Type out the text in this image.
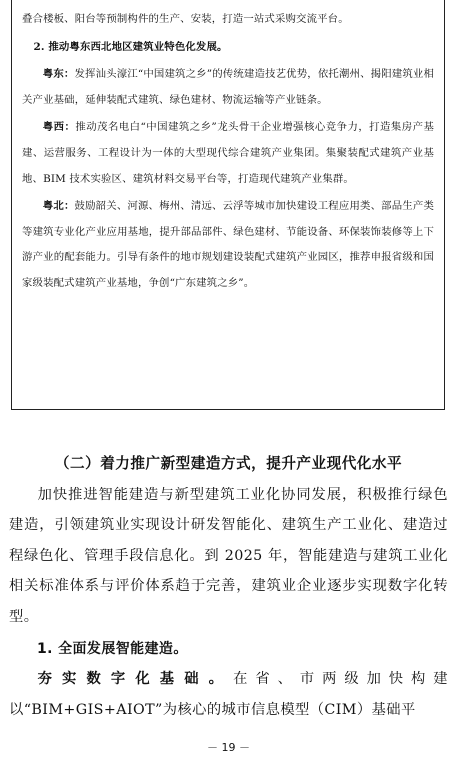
叠合楼板、阳台等预制构件的生产、安装，打造一站式采购交流平台。

2. 推动粤东西北地区建筑业特色化发展。

粤东：发挥汕头濠江“中国建筑之乡”的传统建造技艺优势，依托潮州、揭阳建筑业相关产业基础，延伸装配式建筑、绿色建材、物流运输等产业链条。

粤西：推动茂名电白“中国建筑之乡”龙头骨干企业增强核心竞争力，打造集房产基建、运营服务、工程设计为一体的大型现代综合建筑产业集团。集聚装配式建筑产业基地、BIM 技术实验区、建筑材料交易平台等，打造现代建筑产业集群。

粤北：鼓励韶关、河源、梅州、清远、云浮等城市加快建设工程应用类、部品生产类等建筑专业化产业应用基地，提升部品部件、绿色建材、节能设备、环保装饰装修等上下游产业的配套能力。引导有条件的地市规划建设装配式建筑产业园区，推荐申报省级和国家级装配式建筑产业基地，争创“广东建筑之乡”。

（二）着力推广新型建造方式，提升产业现代化水平

加快推进智能建造与新型建筑工业化协同发展，积极推行绿色建造，引领建筑业实现设计研发智能化、建筑生产工业化、建造过程绿色化、管理手段信息化。到 2025 年，智能建造与建筑工业化相关标准体系与评价体系趋于完善，建筑业企业逐步实现数字化转型。

1. 全面发展智能建造。

夯实数字化基础。在省、市两级加快构建以“BIM+GIS+AIOT”为核心的城市信息模型（CIM）基础平

－ 19 －
